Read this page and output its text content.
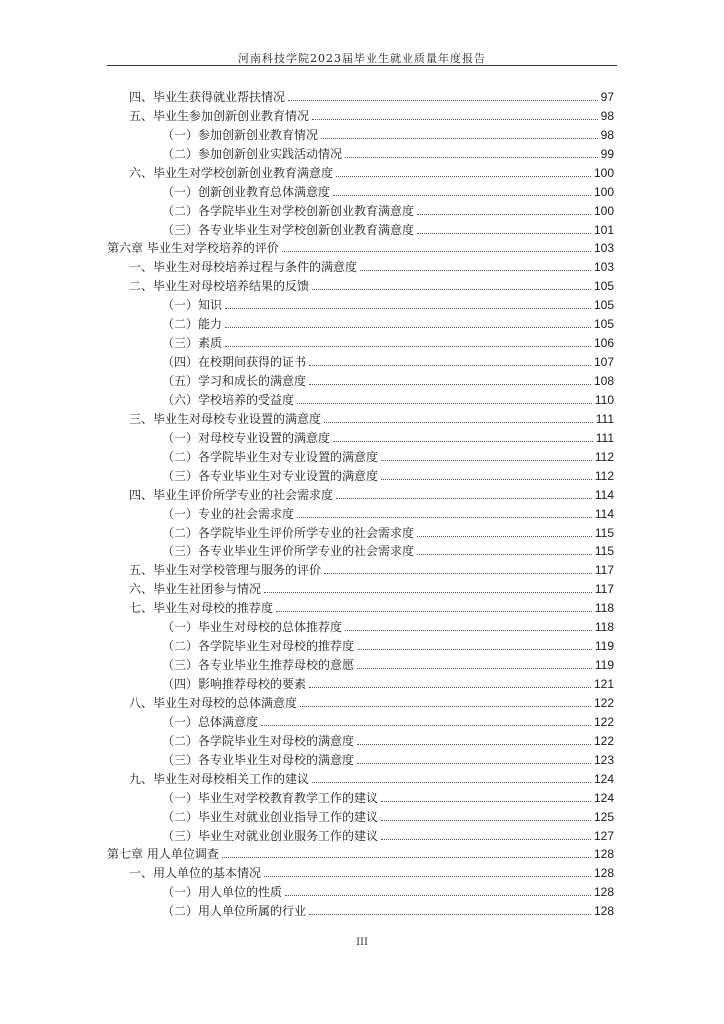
河南科技学院2023届毕业生就业质量年度报告
四、毕业生获得就业帮扶情况	97
五、毕业生参加创新创业教育情况	98
（一）参加创新创业教育情况	98
（二）参加创新创业实践活动情况	99
六、毕业生对学校创新创业教育满意度	100
（一）创新创业教育总体满意度	100
（二）各学院毕业生对学校创新创业教育满意度	100
（三）各专业毕业生对学校创新创业教育满意度	101
第六章 毕业生对学校培养的评价	103
一、毕业生对母校培养过程与条件的满意度	103
二、毕业生对母校培养结果的反馈	105
（一）知识	105
（二）能力	105
（三）素质	106
（四）在校期间获得的证书	107
（五）学习和成长的满意度	108
（六）学校培养的受益度	110
三、毕业生对母校专业设置的满意度	111
（一）对母校专业设置的满意度	111
（二）各学院毕业生对专业设置的满意度	112
（三）各专业毕业生对专业设置的满意度	112
四、毕业生评价所学专业的社会需求度	114
（一）专业的社会需求度	114
（二）各学院毕业生评价所学专业的社会需求度	115
（三）各专业毕业生评价所学专业的社会需求度	115
五、毕业生对学校管理与服务的评价	117
六、毕业生社团参与情况	117
七、毕业生对母校的推荐度	118
（一）毕业生对母校的总体推荐度	118
（二）各学院毕业生对母校的推荐度	119
（三）各专业毕业生推荐母校的意愿	119
（四）影响推荐母校的要素	121
八、毕业生对母校的总体满意度	122
（一）总体满意度	122
（二）各学院毕业生对母校的满意度	122
（三）各专业毕业生对母校的满意度	123
九、毕业生对母校相关工作的建议	124
（一）毕业生对学校教育教学工作的建议	124
（二）毕业生对就业创业指导工作的建议	125
（三）毕业生对就业创业服务工作的建议	127
第七章 用人单位调查	128
一、用人单位的基本情况	128
（一）用人单位的性质	128
（二）用人单位所属的行业	128
III
